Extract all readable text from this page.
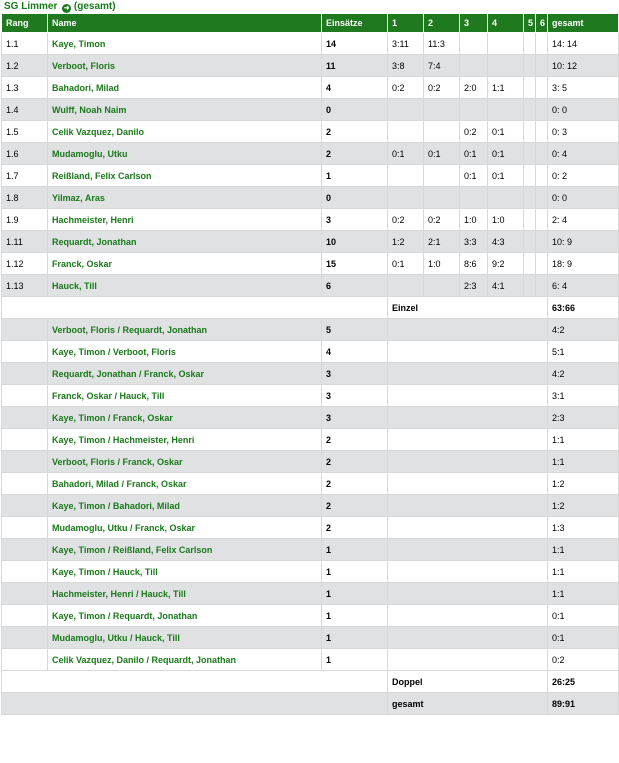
SG Limmer ➜ (gesamt)
Rang	Name	Einsätze	1	2	3	4	5	6	gesamt
1.1	Kaye, Timon	14	3:11	11:3					14: 14
1.2	Verboot, Floris	11	3:8	7:4					10: 12
1.3	Bahadori, Milad	4	0:2	0:2	2:0	1:1			3: 5
1.4	Wulff, Noah Naim	0							0: 0
1.5	Celik Vazquez, Danilo	2			0:2	0:1			0: 3
1.6	Mudamoglu, Utku	2	0:1	0:1	0:1	0:1			0: 4
1.7	Reißland, Felix Carlson	1			0:1	0:1			0: 2
1.8	Yilmaz, Aras	0							0: 0
1.9	Hachmeister, Henri	3	0:2	0:2	1:0	1:0			2: 4
1.11	Requardt, Jonathan	10	1:2	2:1	3:3	4:3			10: 9
1.12	Franck, Oskar	15	0:1	1:0	8:6	9:2			18: 9
1.13	Hauck, Till	6			2:3	4:1			6: 4
			Einzel						63:66
	Verboot, Floris / Requardt, Jonathan	5							4:2
	Kaye, Timon / Verboot, Floris	4							5:1
	Requardt, Jonathan / Franck, Oskar	3							4:2
	Franck, Oskar / Hauck, Till	3							3:1
	Kaye, Timon / Franck, Oskar	3							2:3
	Kaye, Timon / Hachmeister, Henri	2							1:1
	Verboot, Floris / Franck, Oskar	2							1:1
	Bahadori, Milad / Franck, Oskar	2							1:2
	Kaye, Timon / Bahadori, Milad	2							1:2
	Mudamoglu, Utku / Franck, Oskar	2							1:3
	Kaye, Timon / Reißland, Felix Carlson	1							1:1
	Kaye, Timon / Hauck, Till	1							1:1
	Hachmeister, Henri / Hauck, Till	1							1:1
	Kaye, Timon / Requardt, Jonathan	1							0:1
	Mudamoglu, Utku / Hauck, Till	1							0:1
	Celik Vazquez, Danilo / Requardt, Jonathan	1							0:2
			Doppel						26:25
			gesamt						89:91
